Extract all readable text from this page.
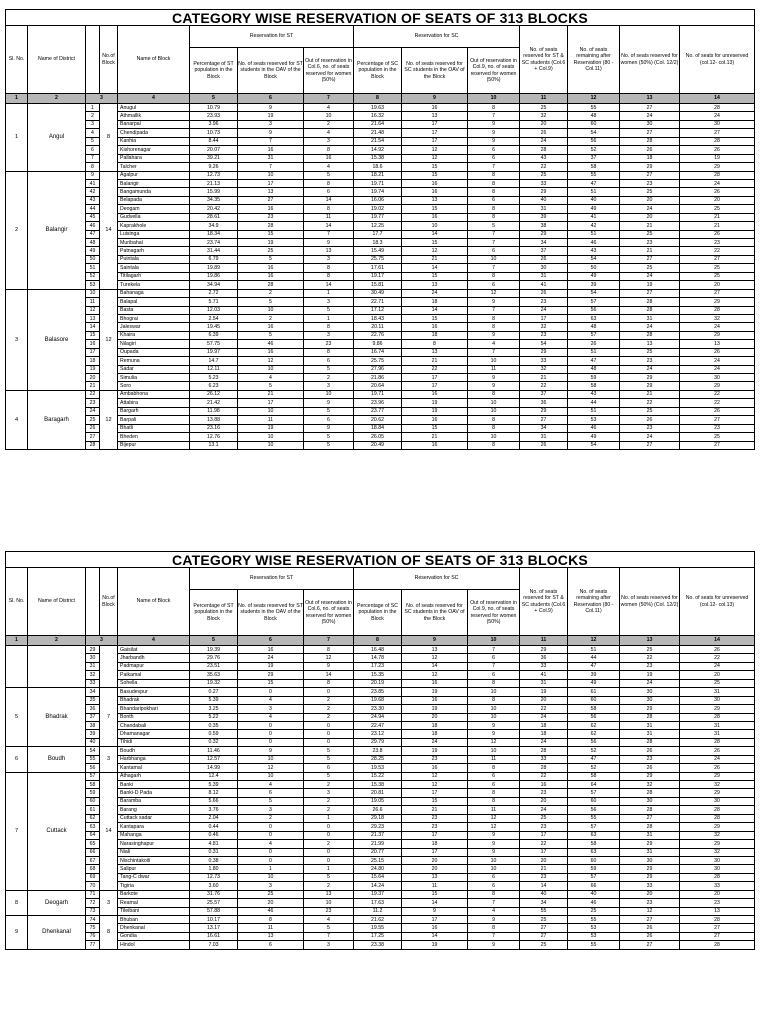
CATEGORY WISE RESERVATION OF SEATS OF 313 BLOCKS
Sl. No.	Name of District		No.of Block	Name of Block	Reservation for ST			Reservation for SC			No. of seats reserved for ST & SC students (Col.6 + Col.9)	No. of seats remaining after Reservation (80 - Col.11)	No. of seats reserved for women (50%) (Col. 12/2)	No. of seats for unreserved (col.12- col.13)
					Percentage of ST population in the Block	No. of seats reserved for ST students in the OAV of the Block	Out of reservation in Col.6, no. of seats reserved for women (50%)	Percentage of SC population in the Block	No. of seats reserved for SC students in the OAV of the Block	Out of reservation in Col.9, no. of seats reserved for women (50%)				
1	2	3		4	5	6	7	8	9	10	11	12	13	14
1	Angul	1	8	Anugul	10.79	9	4	19.63	16	8	25	55	27	28
		2		Athmallik	23.93	19	10	16.32	13	7	32	48	24	24
		3		Banarpal	3.96	3	2	21.64	17	9	20	60	30	30
		4		Chendipada	10.73	9	4	21.48	17	9	26	54	27	27
		5		Kanhia	8.44	7	3	21.54	17	9	24	56	28	28
		6		Kishorenagar	20.07	16	8	14.92	12	6	28	52	26	26
		7		Pallahara	39.21	31	16	15.38	12	6	43	37	18	19
		8		Talcher	9.26	7	4	18.6	15	7	22	58	29	29
2	Balangir	9	14	Agalpur	12.73	10	5	18.21	15	8	25	55	27	28
		41		Balangir	21.13	17	8	19.71	16	8	33	47	23	24
		42		Bangamunda	15.99	13	6	19.74	16	8	29	51	25	26
		43		Belapada	34.35	27	14	16.06	13	6	40	40	20	20
		44		Deogam	20.42	16	8	19.02	15	8	31	49	24	25
		45		Gudvella	28.61	23	11	19.77	16	8	39	41	20	21
		46		Kaprakhole	34.9	28	14	12.25	10	5	38	42	21	21
		47		Luisinga	18.34	15	7	17.7	14	7	29	51	25	26
		48		Muribahal	23.74	19	9	18.3	15	7	34	46	23	23
		49		Patnagarh	31.44	25	13	15.49	12	6	37	43	21	22
		50		Puintala	6.79	5	3	25.75	21	10	26	54	27	27
		51		Saintala	19.89	16	8	17.61	14	7	30	50	25	25
		52		Titilagarh	19.86	16	8	19.17	15	8	31	49	24	25
		53		Turekela	34.94	28	14	15.81	13	6	41	39	19	20
3	Balasore	10	12	Bahanaga	2.72	2	1	30.49	24	12	26	54	27	27
		11		Balapal	5.71	5	3	22.71	18	9	23	57	28	29
		12		Basta	12.03	10	5	17.12	14	7	24	56	28	28
		13		Bhograi	2.54	2	1	18.43	15	8	17	63	31	32
		14		Jaleswar	19.45	16	8	20.11	16	8	32	48	24	24
		15		Khaira	6.39	5	3	22.76	18	9	23	57	28	29
		16		Nilagiri	57.75	46	23	9.86	8	4	54	26	13	13
		17		Oupada	19.97	16	8	16.74	13	7	29	51	25	26
		18		Remuna	14.7	12	6	25.75	21	10	33	47	23	24
		19		Sadar	12.11	10	5	27.96	22	11	32	48	24	24
		20		Simulia	5.23	4	2	21.86	17	9	21	59	29	30
		21		Soro	6.23	5	3	20.64	17	9	22	58	29	29
4	Baragarh	22	12	Ambabhona	26.12	21	10	19.71	16	8	37	43	21	22
		23		Attabira	21.42	17	9	23.96	19	10	36	44	22	22
		24		Bargarh	11.98	10	5	23.77	19	10	29	51	25	26
		25		Barpali	13.88	11	6	20.62	16	8	27	53	26	27
		26		Bhatli	23.16	19	9	18.84	15	8	34	46	23	23
		27		Bheden	12.76	10	5	26.05	21	10	31	49	24	25
		28		Bijepur	13.1	10	5	20.49	16	8	26	54	27	27
CATEGORY WISE RESERVATION OF SEATS OF 313 BLOCKS
Sl. No.	Name of District		No.of Block	Name of Block	Reservation for ST			Reservation for SC			No. of seats reserved for ST & SC students (Col.6 + Col.9)	No. of seats remaining after Reservation (80 - Col.11)	No. of seats reserved for women (50%) (Col. 12/2)	No. of seats for unreserved (col.12- col.13)
					Percentage of ST population in the Block	No. of seats reserved for ST students in the OAV of the Block	Out of reservation in Col.6, no. of seats reserved for women (50%)	Percentage of SC population in the Block	No. of seats reserved for SC students in the OAV of the Block	Out of reservation in Col.9, no. of seats reserved for women (50%)				
1	2	3		4	5	6	7	8	9	10	11	12	13	14
		29		Gaisilat	19.39	16	8	16.48	13	7	29	51	25	26
		30		Jharbandh	29.76	24	12	14.78	12	6	36	44	22	22
		31		Padmapur	23.51	19	9	17.23	14	7	33	47	23	24
		32		Paikamal	35.63	29	14	15.35	12	6	41	39	19	20
		33		Sohella	19.32	15	8	20.19	16	8	31	49	24	25
5	Bhadrak	34	7	Basudevpur	0.27	0	0	23.85	19	10	19	61	30	31
		35		Bhadrak	5.39	4	2	19.68	16	8	20	60	30	30
		36		Bhandaripokhari	3.25	3	2	23.30	19	10	22	58	29	29
		37		Bonth	5.22	4	2	24.94	20	10	24	56	28	28
		38		Chandabali	0.35	0	0	22.47	18	9	18	62	31	31
		39		Dhamanagar	0.59	0	0	23.12	18	9	18	62	31	31
		40		Tihidi	0.32	0	0	29.79	24	12	24	56	28	28
6	Boudh	54	3	Boudh	11.46	9	5	23.8	19	10	28	52	26	26
		55		Harbhanga	12.57	10	5	28.25	23	11	33	47	23	24
		56		Kantamal	14.99	12	6	19.53	16	8	28	52	26	26
7	Cuttack	57	14	Athagarh	12.4	10	5	15.22	12	6	22	58	29	29
		58		Banki	5.39	4	2	15.38	12	6	16	64	32	32
		59		Banki-D Pada	8.12	6	3	20.81	17	8	23	57	28	29
		60		Baramba	5.66	5	2	19.05	15	8	20	60	30	30
		61		Barang	3.76	3	2	26.6	21	11	24	56	28	28
		62		Cuttack sadar	2.04	2	1	29.18	23	12	25	55	27	28
		63		Kantapara	0.44	0	0	29.23	23	12	23	57	28	29
		64		Mahanga	0.46	0	0	21.37	17	9	17	63	31	32
		65		Narasinghapur	4.81	4	2	21.99	18	9	22	58	29	29
		66		Niali	0.31	0	0	20.77	17	9	17	63	31	32
		67		Nischintakoili	0.38	0	0	25.15	20	10	20	60	30	30
		68		Salipur	1.80	1	1	24.80	20	10	21	59	29	30
		69		Tang-C dwar	12.73	10	5	15.64	13	6	23	57	29	28
		70		Tigiria	3.60	3	2	14.24	11	6	14	66	33	33
8	Deogarh	71	3	Barkote	31.76	25	13	19.37	15	8	40	40	20	20
		72		Reamal	25.57	20	10	17.63	14	7	34	46	23	23
		73		Tileibani	57.88	46	23	11.2	9	4	55	25	12	13
9	Dhenkanal	74	8	Bhuban	10.17	8	4	21.62	17	9	25	55	27	28
		75		Dhenkanal	13.17	11	5	19.55	16	8	27	53	26	27
		76		Gondia	16.61	13	7	17.25	14	7	27	53	26	27
		77		Hindol	7.03	6	3	23.38	19	9	25	55	27	28
